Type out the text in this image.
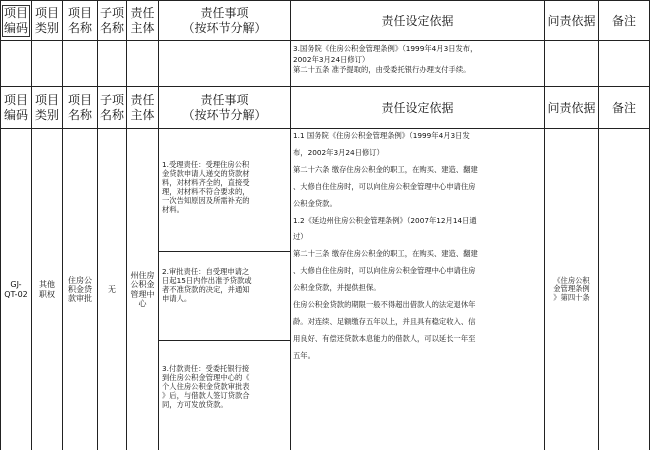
项目
编码
项目
类别
项目
名称
子项
名称
责任
主体
责任事项
（按环节分解）
责任设定依据	问责依据 备注
3.国务院《住房公积金管理条例》（1999年4月3日发布，
2002年3月24日修订）
第二十五条 准予提取的，由受委托银行办理支付手续。
项目
编码
项目
类别
项目
名称
子项
名称
责任
主体
责任事项
（按环节分解）
责任设定依据	问责依据 备注
GJ-
QT-02
其他
职权
住房公
积金贷
款审批
无
州住房
公积金
管理中
心
1.受理责任：受理住房公积
金贷款申请人递交的贷款材
料，对材料齐全的，直接受
理，对材料不符合要求的，
一次告知原因及所需补充的
材料。
2.审批责任：自受理申请之
日起15日内作出准予贷款或
者不准贷款的决定，并通知
申请人。
3.付款责任：受委托银行接
到住房公积金管理中心的《
个人住房公积金贷款审批表
》后，与借款人签订贷款合
同，方可发放贷款。
1.1 国务院《住房公积金管理条例》（1999年4月3日发
布，2002年3月24日修订）
第二十六条 缴存住房公积金的职工，在购买、建造、翻建
、大修自住住房时，可以向住房公积金管理中心申请住房
公积金贷款。
1.2《延边州住房公积金管理条例》（2007年12月14日通
过）
第二十三条 缴存住房公积金的职工，在购买、建造、翻建
、大修自住住房时，可以向住房公积金管理中心申请住房
公积金贷款，并提供担保。
住房公积金贷款的期限一般不得超出借款人的法定退休年
龄。对连续、足额缴存五年以上，并且具有稳定收入、信
用良好、有偿还贷款本息能力的借款人，可以延长一年至
五年。
《住房公积
金管理条例
》第四十条
